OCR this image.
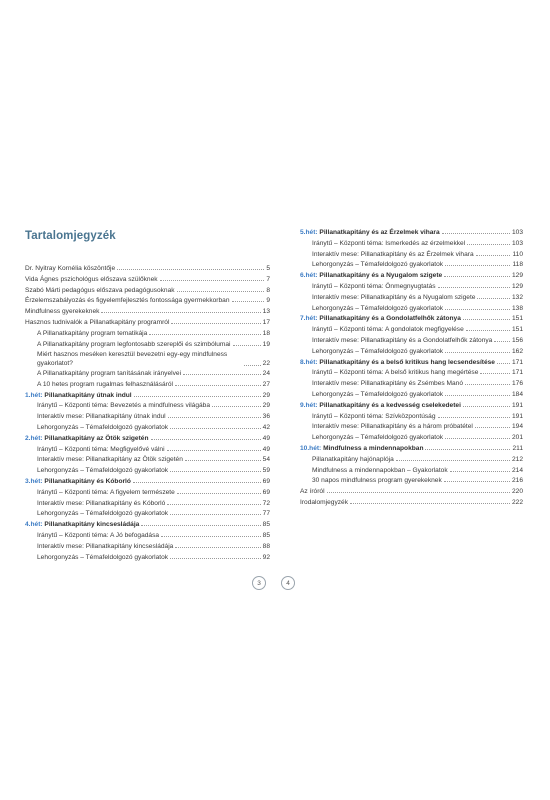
Tartalomjegyzék
Dr. Nyitray Kornélia köszöntője	5
Vida Ágnes pszichológus előszava szülőknek	7
Szabó Márti pedagógus előszava pedagógusoknak	8
Érzelemszabályozás és figyelemfejlesztés fontossága gyermekkorban	9
Mindfulness gyerekeknek	13
Hasznos tudnivalók a Pillanatkapitány programról	17
A Pillanatkapitány program tematikája	18
A Pillanatkapitány program legfontosabb szereplői és szimbólumai	19
Miért hasznos meséken keresztül bevezetni egy-egy mindfulness gyakorlatot?	22
A Pillanatkapitány program tanításának irányelvei	24
A 10 hetes program rugalmas felhasználásáról	27
1.hét: Pillanatkapitány útnak indul	29
Iránytű – Központi téma: Bevezetés a mindfulness világába	29
Interaktív mese: Pillanatkapitány útnak indul	36
Lehorgonyzás – Témafeldolgozó gyakorlatok	42
2.hét: Pillanatkapitány az Ötök szigetén	49
Iránytű – Központi téma: Megfigyelővé válni	49
Interaktív mese: Pillanatkapitány az Ötök szigetén	54
Lehorgonyzás – Témafeldolgozó gyakorlatok	59
3.hét: Pillanatkapitány és Kóborló	69
Iránytű – Központi téma: A figyelem természete	69
Interaktív mese: Pillanatkapitány és Kóborló	72
Lehorgonyzás – Témafeldolgozó gyakorlatok	77
4.hét: Pillanatkapitány kincsesládája	85
Iránytű – Központi téma: A Jó befogadása	85
Interaktív mese: Pillanatkapitány kincsesládája	88
Lehorgonyzás – Témafeldolgozó gyakorlatok	92
5.hét: Pillanatkapitány és az Érzelmek vihara	103
Iránytű – Központi téma: Ismerkedés az érzelmekkel	103
Interaktív mese: Pillanatkapitány és az Érzelmek vihara	110
Lehorgonyzás – Témafeldolgozó gyakorlatok	118
6.hét: Pillanatkapitány és a Nyugalom szigete	129
Iránytű – Központi téma: Önmegnyugtatás	129
Interaktív mese: Pillanatkapitány és a Nyugalom szigete	132
Lehorgonyzás – Témafeldolgozó gyakorlatok	138
7.hét: Pillanatkapitány és a Gondolatfelhők zátonya	151
Iránytű – Központi téma: A gondolatok megfigyelése	151
Interaktív mese: Pillanatkapitány és a Gondolatfelhők zátonya	156
Lehorgonyzás – Témafeldolgozó gyakorlatok	162
8.hét: Pillanatkapitány és a belső kritikus hang lecsendesítése	171
Iránytű – Központi téma: A belső kritikus hang megértése	171
Interaktív mese: Pillanatkapitány és Zsémbes Manó	176
Lehorgonyzás – Témafeldolgozó gyakorlatok	184
9.hét: Pillanatkapitány és a kedvesség cselekedetei	191
Iránytű – Központi téma: Szívközpontúság	191
Interaktív mese: Pillanatkapitány és a három próbatétel	194
Lehorgonyzás – Témafeldolgozó gyakorlatok	201
10.hét: Mindfulness a mindennapokban	211
Pillanatkapitány hajónaplója	212
Mindfulness a mindennapokban – Gyakorlatok	214
30 napos mindfulness program gyerekeknek	216
Az íróról	220
Irodalomjegyzék	222
3	4
